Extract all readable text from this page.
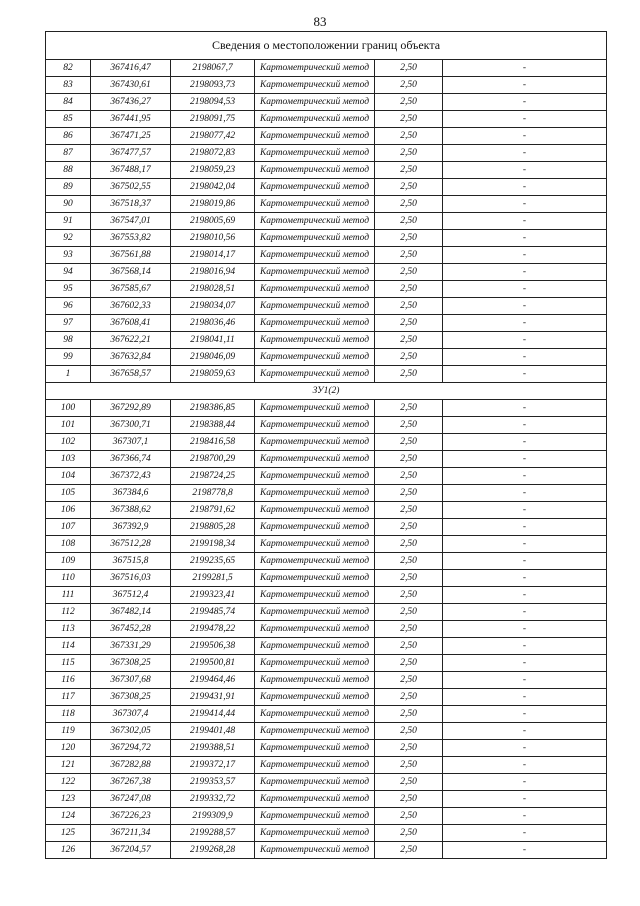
83
Сведения о местоположении границ объекта					
82	367416,47	2198067,7	Картометрический метод	2,50	-
83	367430,61	2198093,73	Картометрический метод	2,50	-
84	367436,27	2198094,53	Картометрический метод	2,50	-
85	367441,95	2198091,75	Картометрический метод	2,50	-
86	367471,25	2198077,42	Картометрический метод	2,50	-
87	367477,57	2198072,83	Картометрический метод	2,50	-
88	367488,17	2198059,23	Картометрический метод	2,50	-
89	367502,55	2198042,04	Картометрический метод	2,50	-
90	367518,37	2198019,86	Картометрический метод	2,50	-
91	367547,01	2198005,69	Картометрический метод	2,50	-
92	367553,82	2198010,56	Картометрический метод	2,50	-
93	367561,88	2198014,17	Картометрический метод	2,50	-
94	367568,14	2198016,94	Картометрический метод	2,50	-
95	367585,67	2198028,51	Картометрический метод	2,50	-
96	367602,33	2198034,07	Картометрический метод	2,50	-
97	367608,41	2198036,46	Картометрический метод	2,50	-
98	367622,21	2198041,11	Картометрический метод	2,50	-
99	367632,84	2198046,09	Картометрический метод	2,50	-
1	367658,57	2198059,63	Картометрический метод	2,50	-
ЗУ1(2)					
100	367292,89	2198386,85	Картометрический метод	2,50	-
101	367300,71	2198388,44	Картометрический метод	2,50	-
102	367307,1	2198416,58	Картометрический метод	2,50	-
103	367366,74	2198700,29	Картометрический метод	2,50	-
104	367372,43	2198724,25	Картометрический метод	2,50	-
105	367384,6	2198778,8	Картометрический метод	2,50	-
106	367388,62	2198791,62	Картометрический метод	2,50	-
107	367392,9	2198805,28	Картометрический метод	2,50	-
108	367512,28	2199198,34	Картометрический метод	2,50	-
109	367515,8	2199235,65	Картометрический метод	2,50	-
110	367516,03	2199281,5	Картометрический метод	2,50	-
111	367512,4	2199323,41	Картометрический метод	2,50	-
112	367482,14	2199485,74	Картометрический метод	2,50	-
113	367452,28	2199478,22	Картометрический метод	2,50	-
114	367331,29	2199506,38	Картометрический метод	2,50	-
115	367308,25	2199500,81	Картометрический метод	2,50	-
116	367307,68	2199464,46	Картометрический метод	2,50	-
117	367308,25	2199431,91	Картометрический метод	2,50	-
118	367307,4	2199414,44	Картометрический метод	2,50	-
119	367302,05	2199401,48	Картометрический метод	2,50	-
120	367294,72	2199388,51	Картометрический метод	2,50	-
121	367282,88	2199372,17	Картометрический метод	2,50	-
122	367267,38	2199353,57	Картометрический метод	2,50	-
123	367247,08	2199332,72	Картометрический метод	2,50	-
124	367226,23	2199309,9	Картометрический метод	2,50	-
125	367211,34	2199288,57	Картометрический метод	2,50	-
126	367204,57	2199268,28	Картометрический метод	2,50	-
